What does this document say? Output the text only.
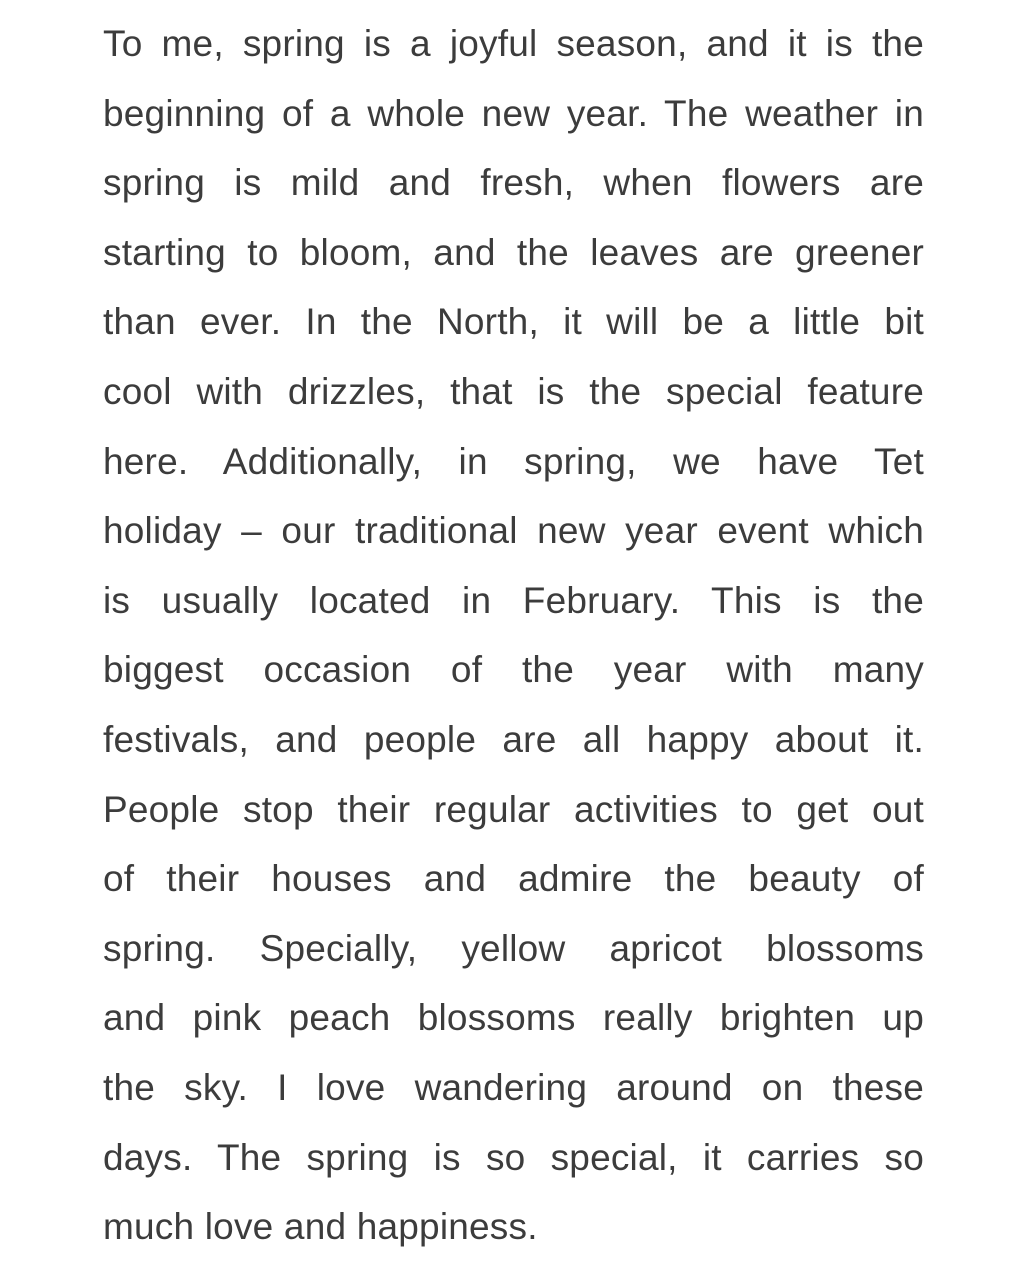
To me, spring is a joyful season, and it is the
beginning of a whole new year. The weather in
spring is mild and fresh, when flowers are
starting to bloom, and the leaves are greener
than ever. In the North, it will be a little bit
cool with drizzles, that is the special feature
here. Additionally, in spring, we have Tet
holiday – our traditional new year event which
is usually located in February. This is the
biggest occasion of the year with many
festivals, and people are all happy about it.
People stop their regular activities to get out
of their houses and admire the beauty of
spring. Specially, yellow apricot blossoms
and pink peach blossoms really brighten up
the sky. I love wandering around on these
days. The spring is so special, it carries so
much love and happiness.
